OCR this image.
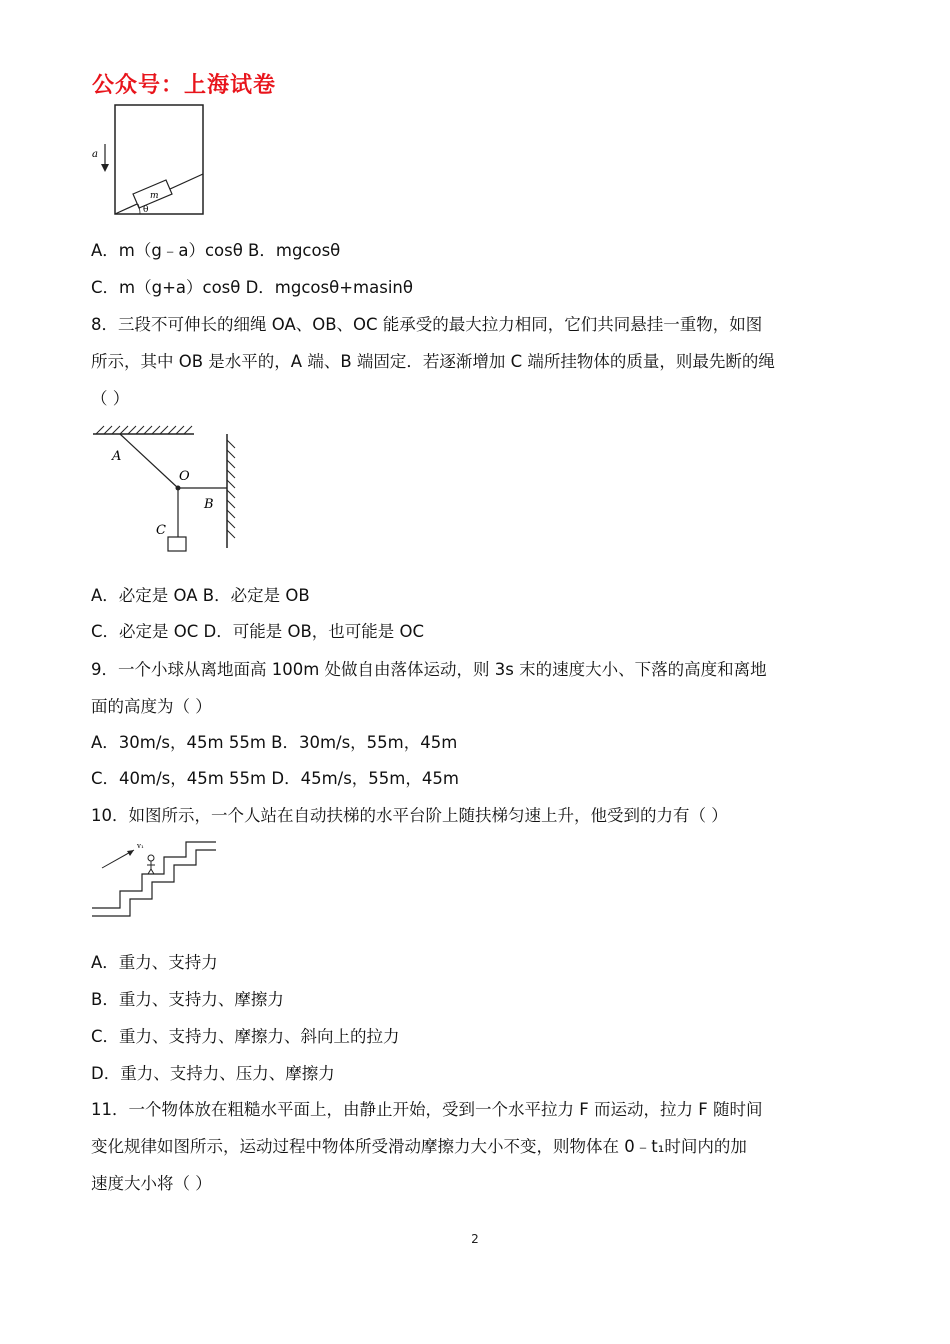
公众号：上海试卷
a
m
θ
A．m（g﹣a）cosθ B．mgcosθ
C．m（g+a）cosθ D．mgcosθ+masinθ
8．三段不可伸长的细绳 OA、OB、OC 能承受的最大拉力相同，它们共同悬挂一重物，如图
所示，其中 OB 是水平的，A 端、B 端固定．若逐渐增加 C 端所挂物体的质量，则最先断的绳
（ ）
A
O
B
C
A．必定是 OA B．必定是 OB
C．必定是 OC D．可能是 OB，也可能是 OC
9．一个小球从离地面高 100m 处做自由落体运动，则 3s 末的速度大小、下落的高度和离地
面的高度为（ ）
A．30m/s，45m 55m B．30m/s，55m，45m
C．40m/s，45m 55m D．45m/s，55m，45m
10．如图所示，一个人站在自动扶梯的水平台阶上随扶梯匀速上升，他受到的力有（ ）
v₁
A．重力、支持力
B．重力、支持力、摩擦力
C．重力、支持力、摩擦力、斜向上的拉力
D．重力、支持力、压力、摩擦力
11．一个物体放在粗糙水平面上，由静止开始，受到一个水平拉力 F 而运动，拉力 F 随时间
变化规律如图所示，运动过程中物体所受滑动摩擦力大小不变，则物体在 0﹣t₁时间内的加
速度大小将（ ）
2
